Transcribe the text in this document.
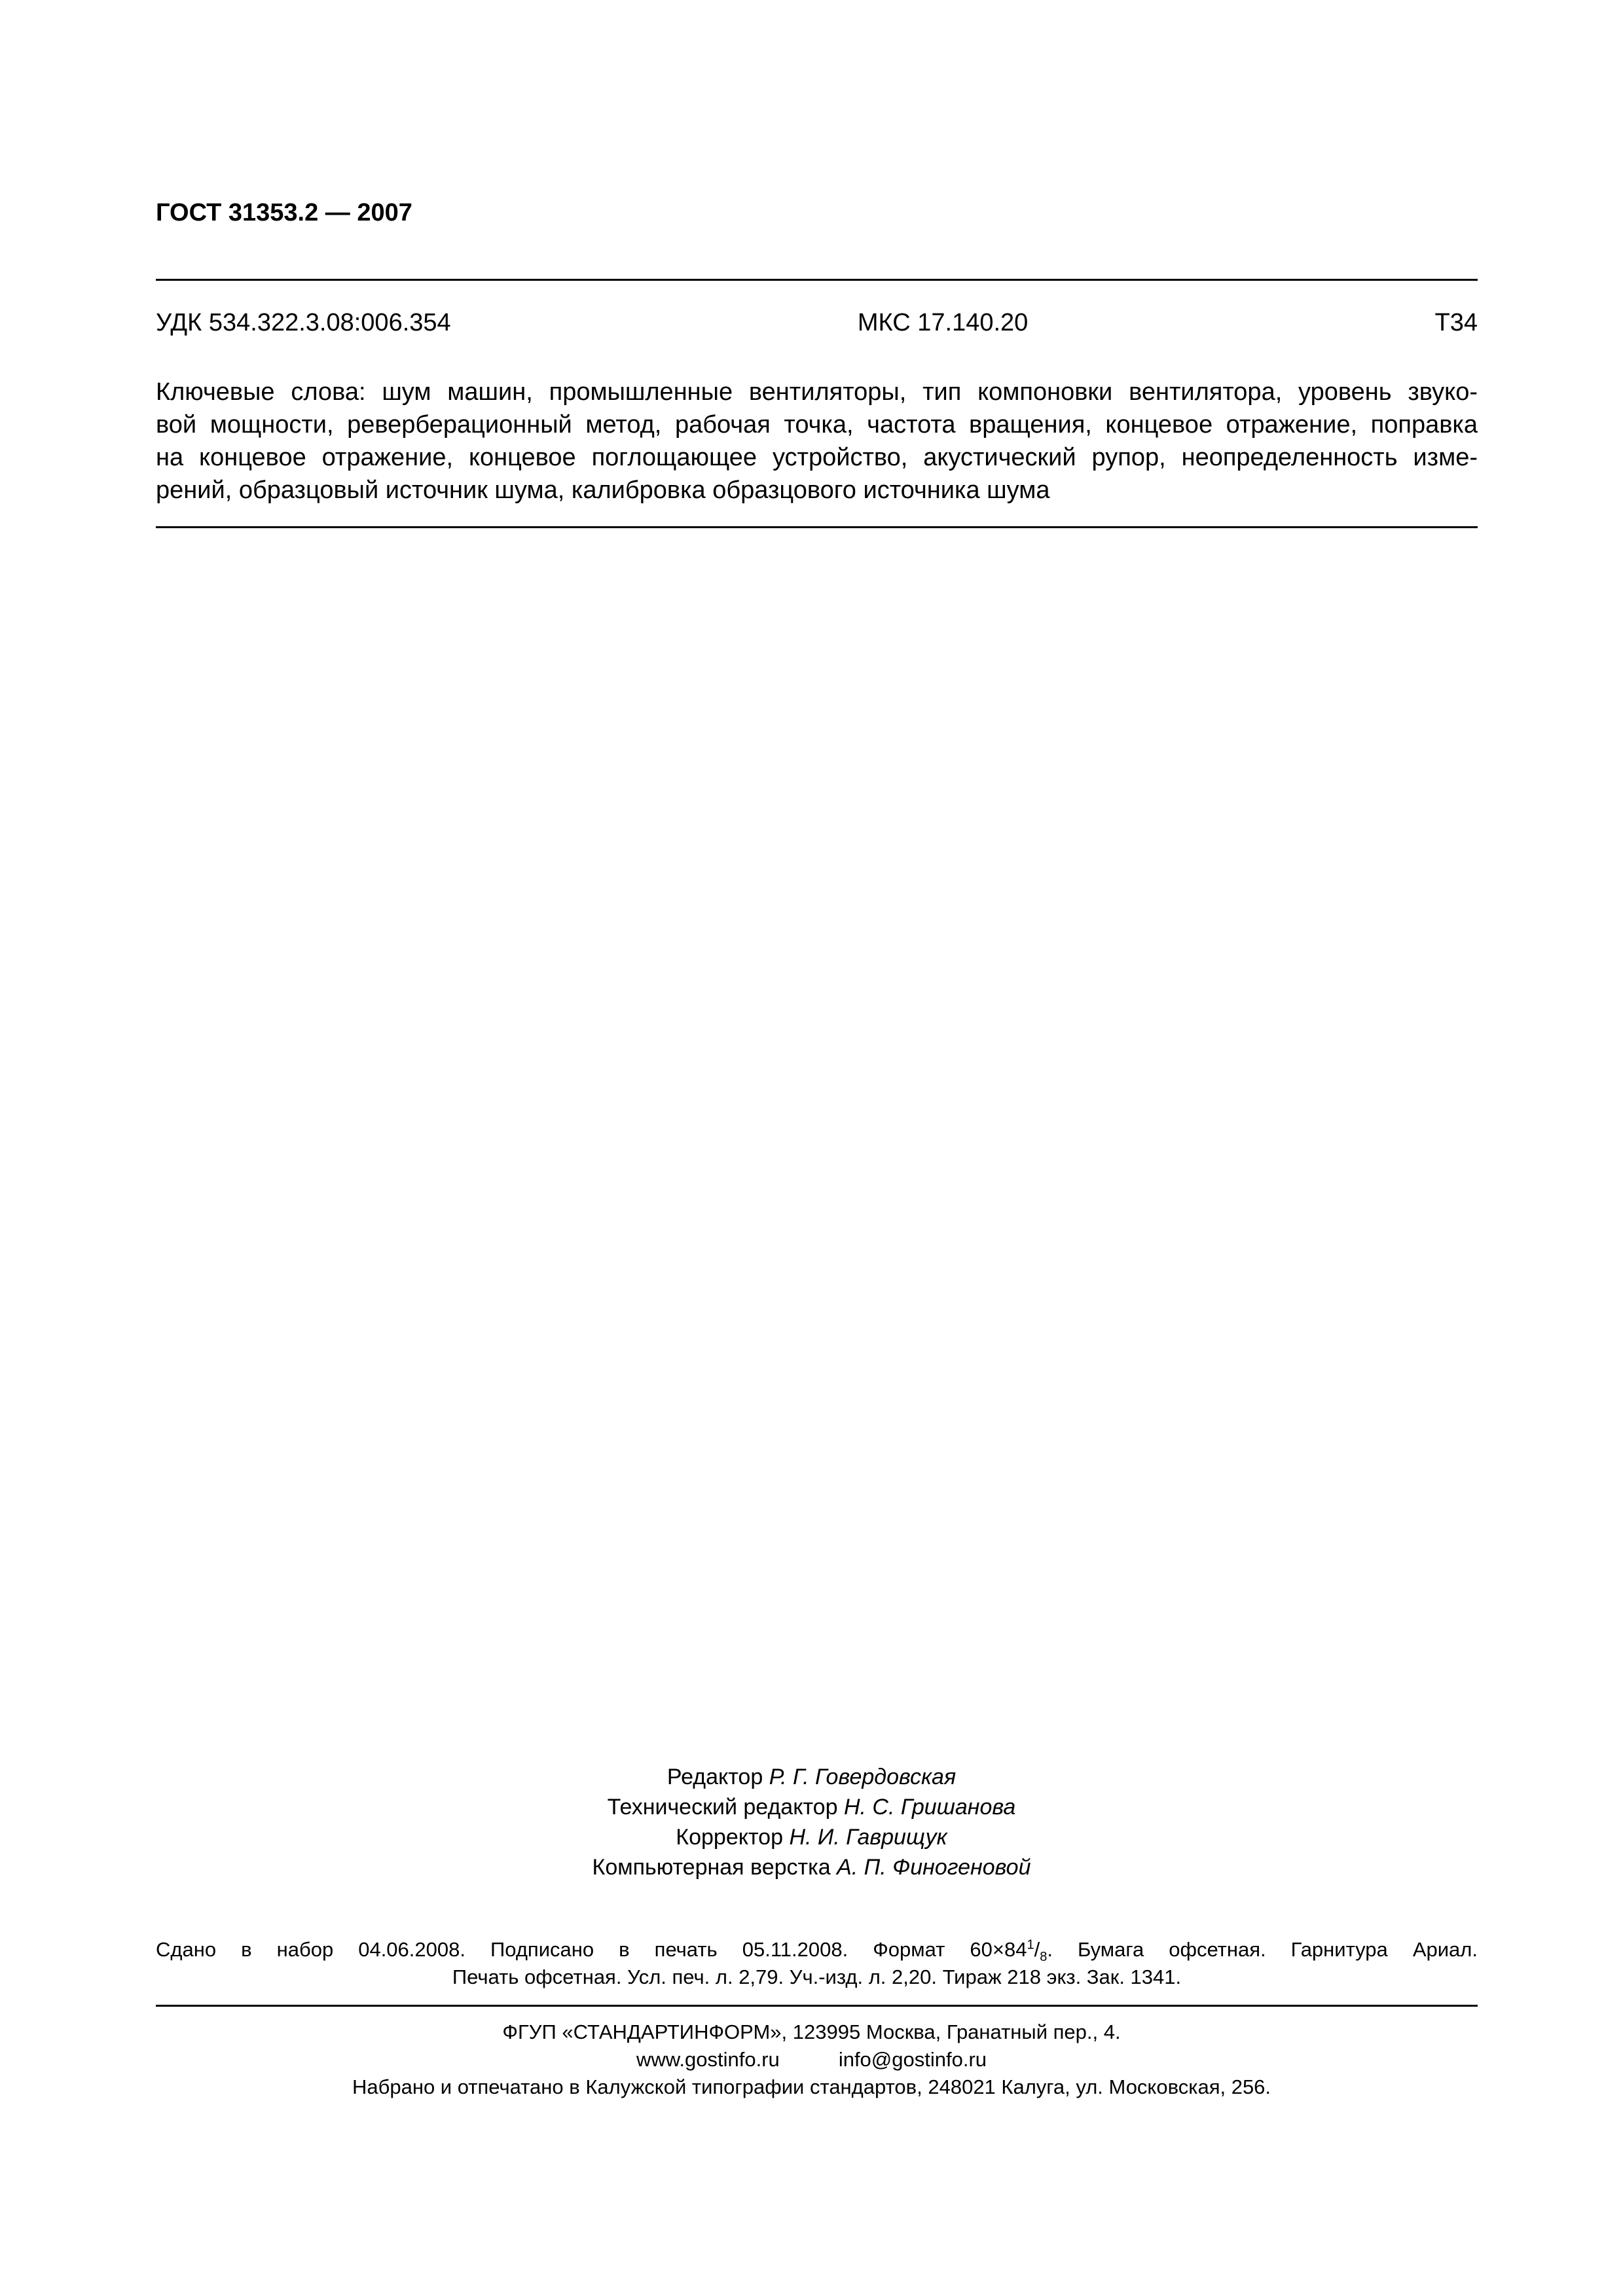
ГОСТ 31353.2 — 2007
УДК 534.322.3.08:006.354	МКС 17.140.20	Т34
Ключевые слова: шум машин, промышленные вентиляторы, тип компоновки вентилятора, уровень звуко-
вой мощности, реверберационный метод, рабочая точка, частота вращения, концевое отражение, поправка
на концевое отражение, концевое поглощающее устройство, акустический рупор, неопределенность изме-
рений, образцовый источник шума, калибровка образцового источника шума
Редактор Р. Г. Говердовская
Технический редактор Н. С. Гришанова
Корректор Н. И. Гаврищук
Компьютерная верстка А. П. Финогеновой
Сдано в набор 04.06.2008. Подписано в печать 05.11.2008. Формат $60\times 84^1/_8$. Бумага офсетная. Гарнитура Ариал.
Печать офсетная. Усл. печ. л. 2,79. Уч.-изд. л. 2,20. Тираж 218 экз. Зак. 1341.
ФГУП «СТАНДАРТИНФОРМ», 123995 Москва, Гранатный пер., 4.
www.gostinfo.ru	info@gostinfo.ru
Набрано и отпечатано в Калужской типографии стандартов, 248021 Калуга, ул. Московская, 256.
